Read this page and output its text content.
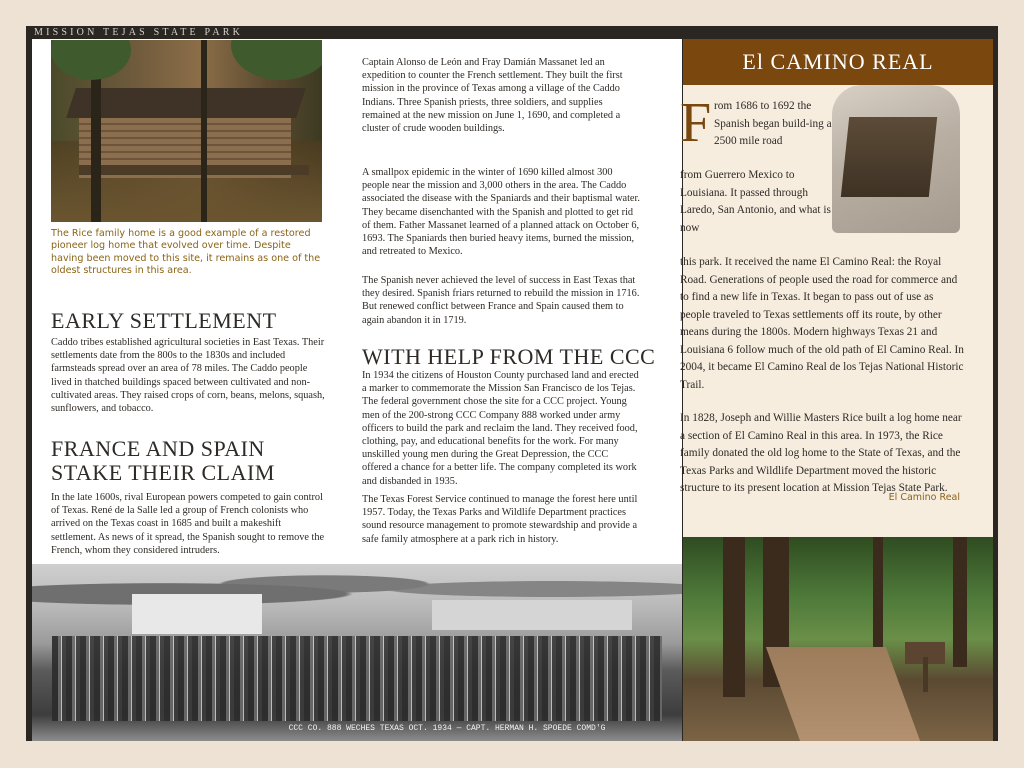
MISSION TEJAS STATE PARK
The Rice family home is a good example of a restored pioneer log home that evolved over time. Despite having been moved to this site, it remains as one of the oldest structures in this area.
EARLY SETTLEMENT
Caddo tribes established agricultural societies in East Texas. Their settlements date from the 800s to the 1830s and included farmsteads spread over an area of 78 miles. The Caddo people lived in thatched buildings spaced between cultivated and non-cultivated areas. They raised crops of corn, beans, melons, squash, sunflowers, and tobacco.
FRANCE AND SPAIN STAKE THEIR CLAIM
In the late 1600s, rival European powers competed to gain control of Texas. René de la Salle led a group of French colonists who arrived on the Texas coast in 1685 and built a makeshift settlement. As news of it spread, the Spanish sought to remove the French, whom they considered intruders.
Captain Alonso de León and Fray Damián Massanet led an expedition to counter the French settlement. They built the first mission in the province of Texas among a village of the Caddo Indians. Three Spanish priests, three soldiers, and supplies remained at the new mission on June 1, 1690, and completed a cluster of crude wooden buildings.
A smallpox epidemic in the winter of 1690 killed almost 300 people near the mission and 3,000 others in the area. The Caddo associated the disease with the Spaniards and their baptismal water. They became disenchanted with the Spanish and plotted to get rid of them. Father Massanet learned of a planned attack on October 6, 1693. The Spaniards then buried heavy items, burned the mission, and retreated to Mexico.
The Spanish never achieved the level of success in East Texas that they desired. Spanish friars returned to rebuild the mission in 1716. But renewed conflict between France and Spain caused them to again abandon it in 1719.
WITH HELP FROM THE CCC
In 1934 the citizens of Houston County purchased land and erected a marker to commemorate the Mission San Francisco de los Tejas. The federal government chose the site for a CCC project. Young men of the 200-strong CCC Company 888 worked under army officers to build the park and reclaim the land. They received food, clothing, pay, and educational benefits for the work. For many unskilled young men during the Great Depression, the CCC offered a chance for a better life. The company completed its work and disbanded in 1935.
The Texas Forest Service continued to manage the forest here until 1957. Today, the Texas Parks and Wildlife Department practices sound resource management to promote stewardship and provide a safe family atmosphere at a park rich in history.
CCC CO. 888 WECHES TEXAS OCT. 1934 — CAPT. HERMAN H. SPOEDE COMD'G
El CAMINO REAL
F rom 1686 to 1692 the Spanish began build-ing a 2500 mile road
from Guerrero Mexico to Louisiana. It passed through Laredo, San Antonio, and what is now
this park. It received the name El Camino Real: the Royal Road. Generations of people used the road for commerce and to find a new life in Texas. It began to pass out of use as people traveled to Texas settlements off its route, by other means during the 1800s. Modern highways Texas 21 and Louisiana 6 follow much of the old path of El Camino Real. In 2004, it became El Camino Real de los Tejas National Historic Trail.
In 1828, Joseph and Willie Masters Rice built a log home near a section of El Camino Real in this area. In 1973, the Rice family donated the old log home to the State of Texas, and the Texas Parks and Wildlife Department moved the historic structure to its present location at Mission Tejas State Park.
El Camino Real
